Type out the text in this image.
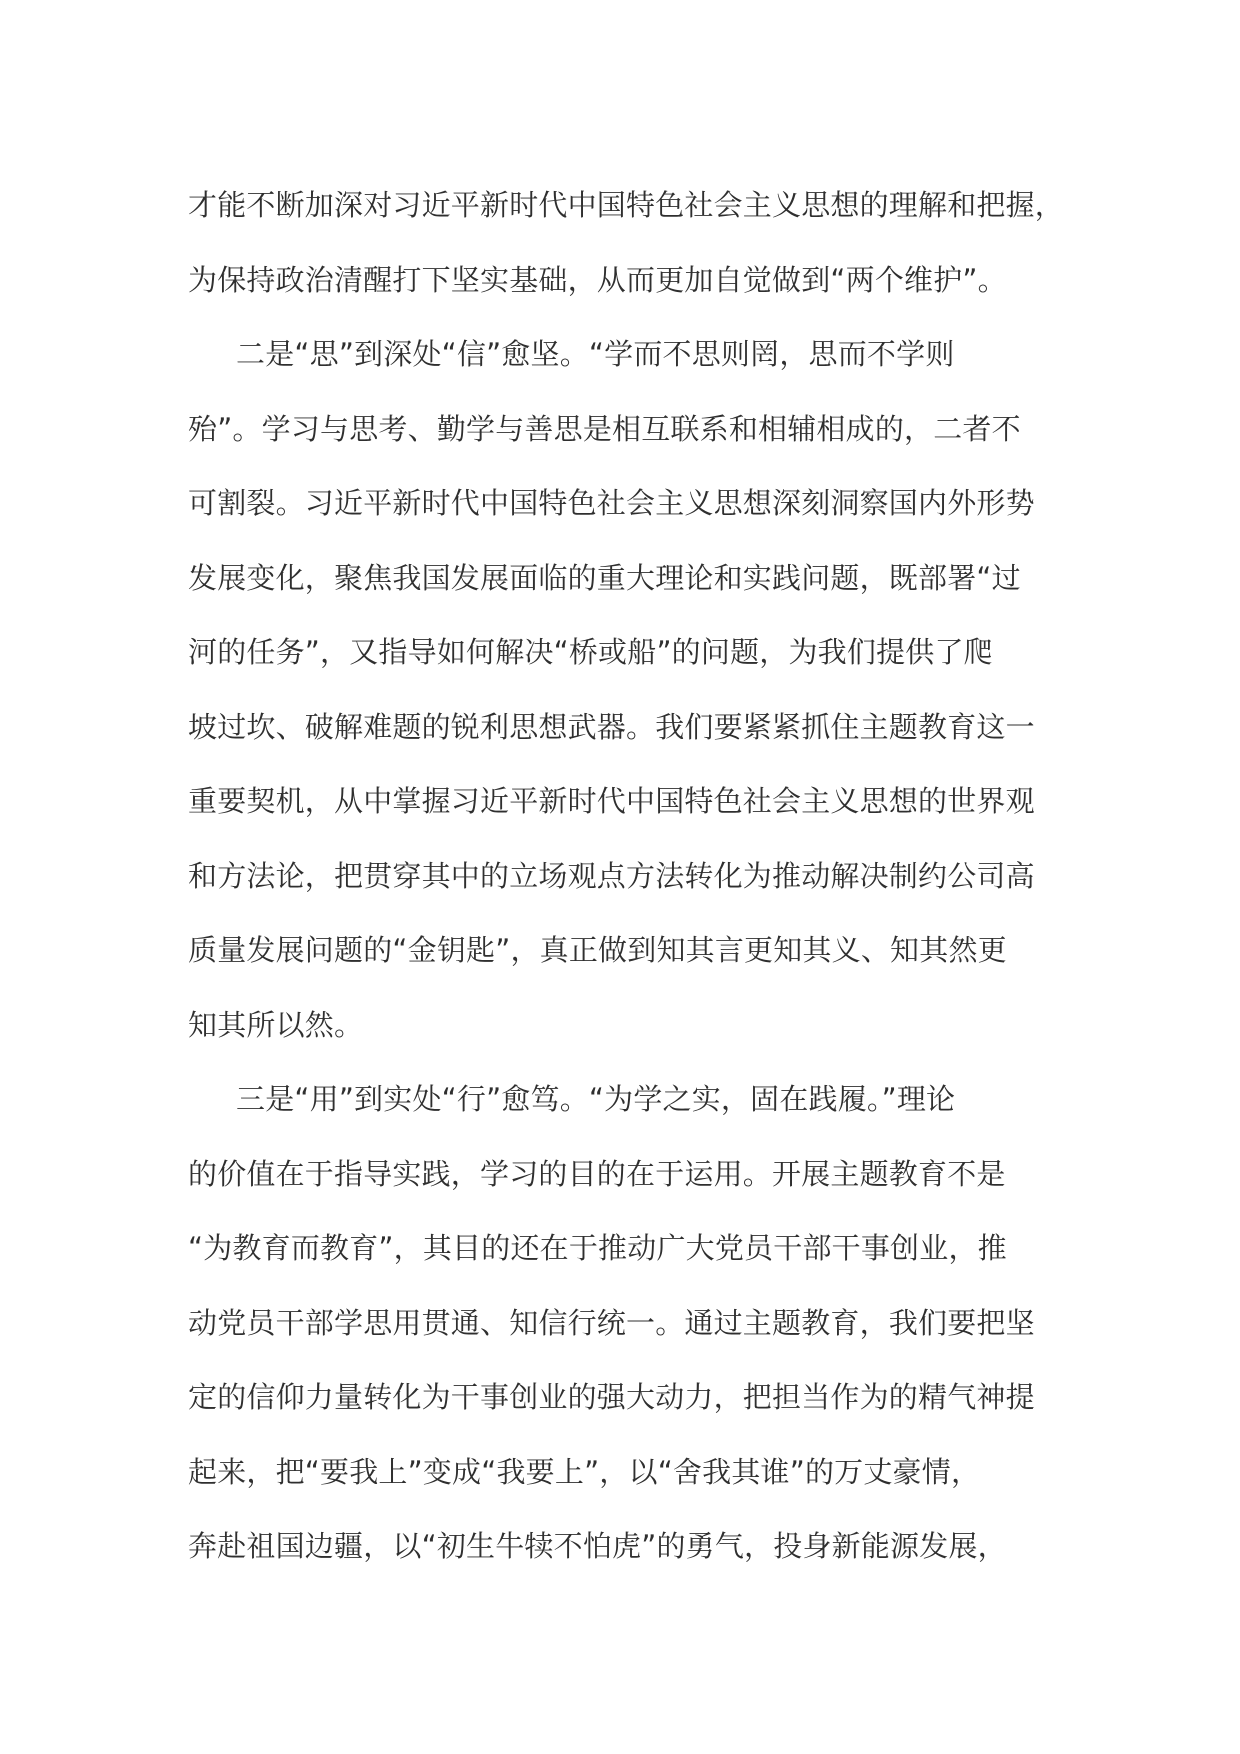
才能不断加深对习近平新时代中国特色社会主义思想的理解和把握，
为保持政治清醒打下坚实基础，从而更加自觉做到“两个维护”。
二是“思”到深处“信”愈坚。“学而不思则罔，思而不学则
殆”。学习与思考、勤学与善思是相互联系和相辅相成的，二者不
可割裂。习近平新时代中国特色社会主义思想深刻洞察国内外形势
发展变化，聚焦我国发展面临的重大理论和实践问题，既部署“过
河的任务”，又指导如何解决“桥或船”的问题，为我们提供了爬
坡过坎、破解难题的锐利思想武器。我们要紧紧抓住主题教育这一
重要契机，从中掌握习近平新时代中国特色社会主义思想的世界观
和方法论，把贯穿其中的立场观点方法转化为推动解决制约公司高
质量发展问题的“金钥匙”，真正做到知其言更知其义、知其然更
知其所以然。
三是“用”到实处“行”愈笃。“为学之实，固在践履。”理论
的价值在于指导实践，学习的目的在于运用。开展主题教育不是
“为教育而教育”，其目的还在于推动广大党员干部干事创业，推
动党员干部学思用贯通、知信行统一。通过主题教育，我们要把坚
定的信仰力量转化为干事创业的强大动力，把担当作为的精气神提
起来，把“要我上”变成“我要上”，以“舍我其谁”的万丈豪情，
奔赴祖国边疆，以“初生牛犊不怕虎”的勇气，投身新能源发展，
